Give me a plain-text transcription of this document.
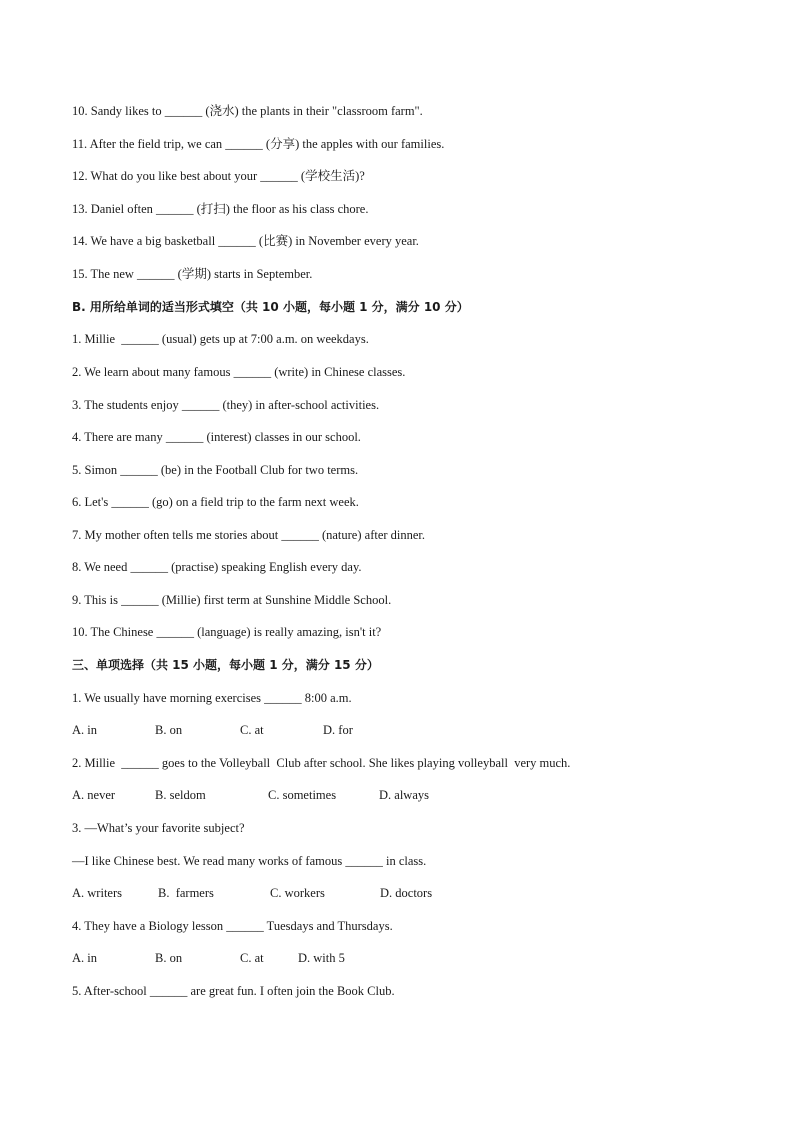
10. Sandy likes to ______ (浇水) the plants in their "classroom farm".
11. After the field trip, we can ______ (分享) the apples with our families.
12. What do you like best about your ______ (学校生活)?
13. Daniel often ______ (打扫) the floor as his class chore.
14. We have a big basketball ______ (比赛) in November every year.
15. The new ______ (学期) starts in September.
B. 用所给单词的适当形式填空（共 10 小题，每小题 1 分，满分 10 分）
1. Millie  ______ (usual) gets up at 7:00 a.m. on weekdays.
2. We learn about many famous ______ (write) in Chinese classes.
3. The students enjoy ______ (they) in after-school activities.
4. There are many ______ (interest) classes in our school.
5. Simon ______ (be) in the Football Club for two terms.
6. Let's ______ (go) on a field trip to the farm next week.
7. My mother often tells me stories about ______ (nature) after dinner.
8. We need ______ (practise) speaking English every day.
9. This is ______ (Millie) first term at Sunshine Middle School.
10. The Chinese ______ (language) is really amazing, isn't it?
三、单项选择（共 15 小题，每小题 1 分，满分 15 分）
1. We usually have morning exercises ______ 8:00 a.m.
A. in	B. on	C. at	D. for
2. Millie  ______ goes to the Volleyball  Club after school. She likes playing volleyball  very much.
A. never	B. seldom	C. sometimes	D. always
3. —What’s your favorite subject?
—I like Chinese best. We read many works of famous ______ in class.
A. writers	B.  farmers	C. workers	D. doctors
4. They have a Biology lesson ______ Tuesdays and Thursdays.
A. in	B. on	C. at	D. with 5
5. After-school ______ are great fun. I often join the Book Club.
